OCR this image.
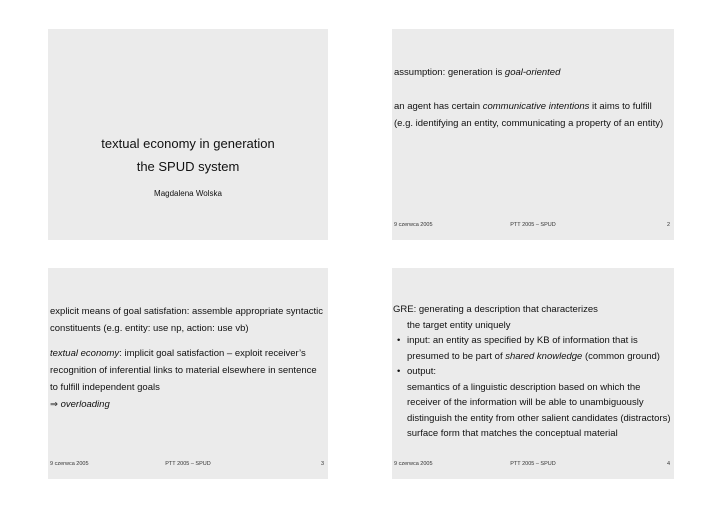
textual economy in generation
the SPUD system
Magdalena Wolska

assumption: generation is goal-oriented

an agent has certain communicative intentions it aims to fulfill (e.g. identifying an entity, communicating a property of an entity)

9 czerwca 2005	PTT 2005 – SPUD	2

explicit means of goal satisfation: assemble appropriate syntactic constituents (e.g. entity: use np, action: use vb)

textual economy: implicit goal satisfaction – exploit receiver’s recognition of inferential links to material elsewhere in sentence to fulfill independent goals

⇒ overloading

9 czerwca 2005	PTT 2005 – SPUD	3

GRE: generating a description that characterizes

the target entity uniquely

• input: an entity as specified by KB of information that is presumed to be part of shared knowledge (common ground)

• output:

semantics of a linguistic description based on which the receiver of the information will be able to unambiguously distinguish the entity from other salient candidates (distractors)

surface form that matches the conceptual material

9 czerwca 2005	PTT 2005 – SPUD	4
